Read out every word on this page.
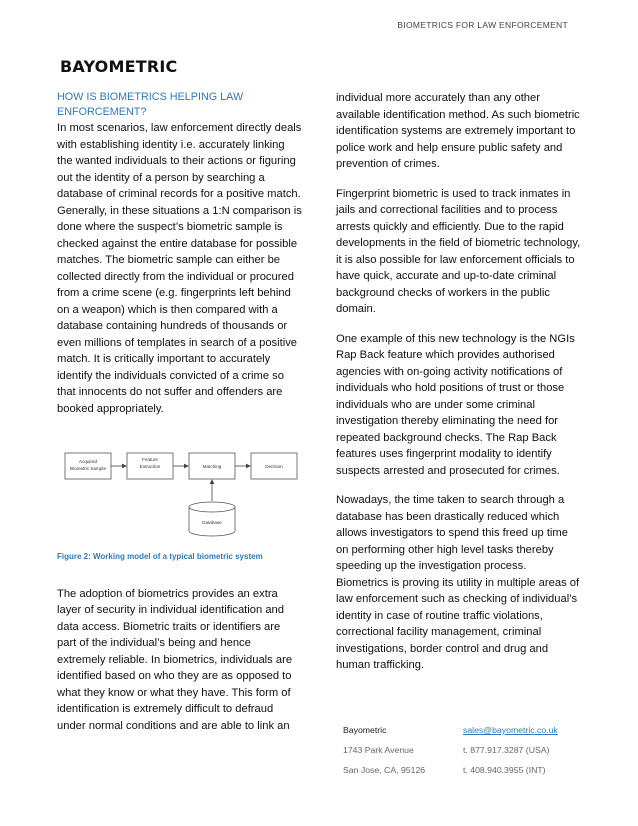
BIOMETRICS FOR LAW ENFORCEMENT
BAYOMETRIC
HOW IS BIOMETRICS HELPING LAW ENFORCEMENT?

In most scenarios, law enforcement directly deals with establishing identity i.e. accurately linking the wanted individuals to their actions or figuring out the identity of a person by searching a database of criminal records for a positive match. Generally, in these situations a 1:N comparison is done where the suspect’s biometric sample is checked against the entire database for possible matches. The biometric sample can either be collected directly from the individual or procured from a crime scene (e.g. fingerprints left behind on a weapon) which is then compared with a database containing hundreds of thousands or even millions of templates in search of a positive match. It is critically important to accurately identify the individuals convicted of a crime so that innocents do not suffer and offenders are booked appropriately.

Acquired
Biometric Sample
Feature
Extraction	Matching	Decision
Database
Figure 2: Working model of a typical biometric system

The adoption of biometrics provides an extra layer of security in individual identification and data access. Biometric traits or identifiers are part of the individual’s being and hence extremely reliable. In biometrics, individuals are identified based on who they are as opposed to what they know or what they have. This form of identification is extremely difficult to defraud under normal conditions and are able to link an

individual more accurately than any other available identification method. As such biometric identification systems are extremely important to police work and help ensure public safety and prevention of crimes.

Fingerprint biometric is used to track inmates in jails and correctional facilities and to process arrests quickly and efficiently. Due to the rapid developments in the field of biometric technology, it is also possible for law enforcement officials to have quick, accurate and up-to-date criminal background checks of workers in the public domain.

One example of this new technology is the NGIs Rap Back feature which provides authorised agencies with on-going activity notifications of individuals who hold positions of trust or those individuals who are under some criminal investigation thereby eliminating the need for repeated background checks. The Rap Back features uses fingerprint modality to identify suspects arrested and prosecuted for crimes.

Nowadays, the time taken to search through a database has been drastically reduced which allows investigators to spend this freed up time on performing other high level tasks thereby speeding up the investigation process. Biometrics is proving its utility in multiple areas of law enforcement such as checking of individual’s identity in case of routine traffic violations, correctional facility management, criminal investigations, border control and drug and human trafficking.

Bayometric	sales@bayometric.co.uk
1743 Park Avenue	t. 877.917.3287 (USA)
San Jose, CA, 95126	t. 408.940.3955 (INT)
